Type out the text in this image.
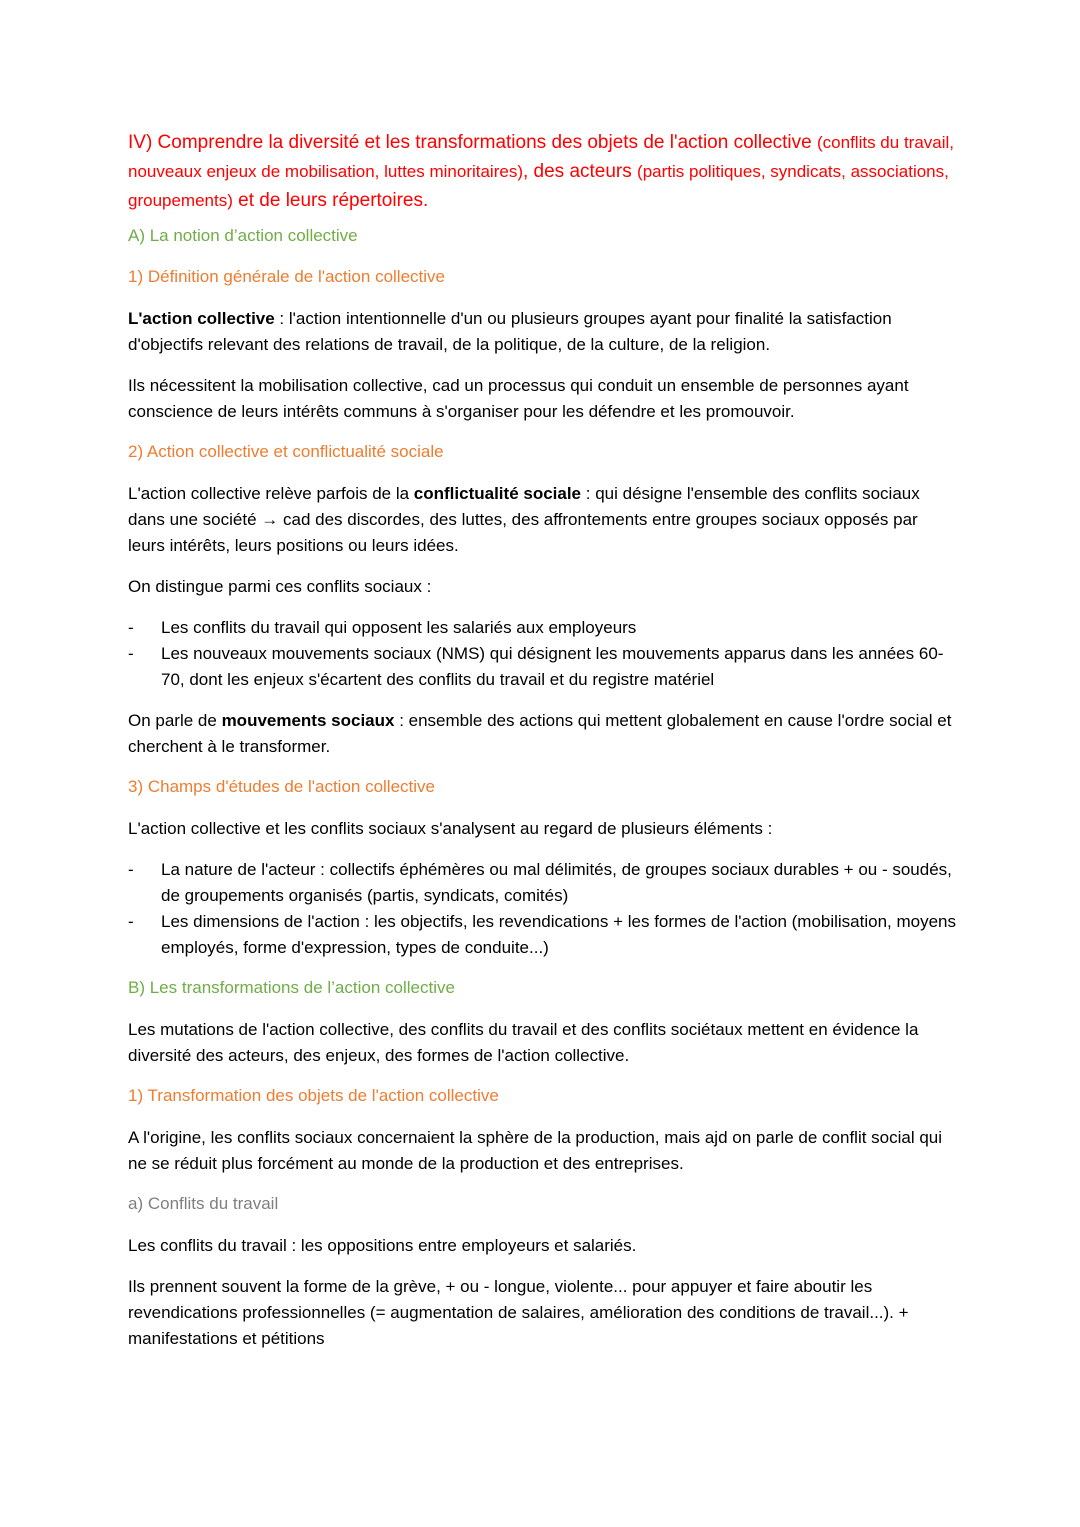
IV) Comprendre la diversité et les transformations des objets de l'action collective (conflits du travail, nouveaux enjeux de mobilisation, luttes minoritaires), des acteurs (partis politiques, syndicats, associations, groupements) et de leurs répertoires.

A) La notion d’action collective

1) Définition générale de l'action collective

L'action collective : l'action intentionnelle d'un ou plusieurs groupes ayant pour finalité la satisfaction d'objectifs relevant des relations de travail, de la politique, de la culture, de la religion.

Ils nécessitent la mobilisation collective, cad un processus qui conduit un ensemble de personnes ayant conscience de leurs intérêts communs à s'organiser pour les défendre et les promouvoir.

2) Action collective et conflictualité sociale

L'action collective relève parfois de la conflictualité sociale : qui désigne l'ensemble des conflits sociaux dans une société → cad des discordes, des luttes, des affrontements entre groupes sociaux opposés par leurs intérêts, leurs positions ou leurs idées.

On distingue parmi ces conflits sociaux :

- Les conflits du travail qui opposent les salariés aux employeurs
- Les nouveaux mouvements sociaux (NMS) qui désignent les mouvements apparus dans les années 60-70, dont les enjeux s'écartent des conflits du travail et du registre matériel

On parle de mouvements sociaux : ensemble des actions qui mettent globalement en cause l'ordre social et cherchent à le transformer.

3) Champs d'études de l'action collective

L'action collective et les conflits sociaux s'analysent au regard de plusieurs éléments :

- La nature de l'acteur : collectifs éphémères ou mal délimités, de groupes sociaux durables + ou - soudés, de groupements organisés (partis, syndicats, comités)
- Les dimensions de l'action : les objectifs, les revendications + les formes de l'action (mobilisation, moyens employés, forme d'expression, types de conduite...)

B) Les transformations de l’action collective

Les mutations de l'action collective, des conflits du travail et des conflits sociétaux mettent en évidence la diversité des acteurs, des enjeux, des formes de l'action collective.

1) Transformation des objets de l'action collective

A l'origine, les conflits sociaux concernaient la sphère de la production, mais ajd on parle de conflit social qui ne se réduit plus forcément au monde de la production et des entreprises.

a) Conflits du travail

Les conflits du travail : les oppositions entre employeurs et salariés.

Ils prennent souvent la forme de la grève, + ou - longue, violente... pour appuyer et faire aboutir les revendications professionnelles (= augmentation de salaires, amélioration des conditions de travail...). + manifestations et pétitions
